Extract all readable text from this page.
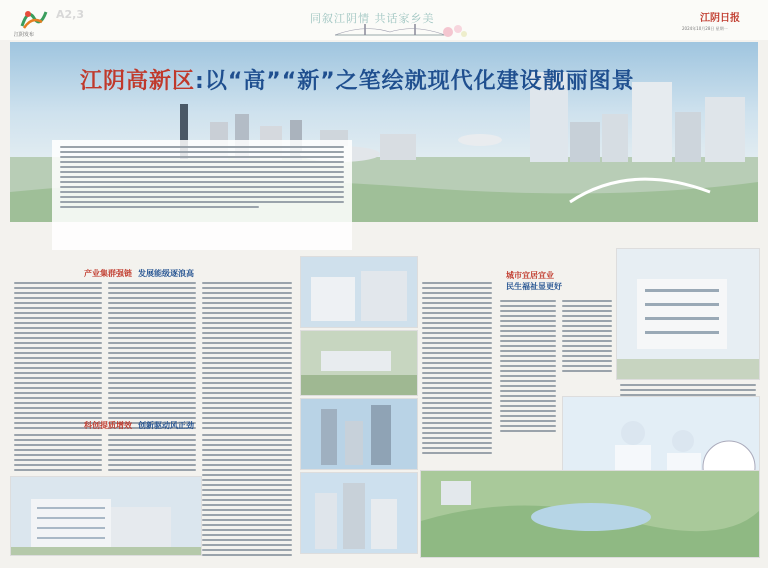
江阴发布
A2,3	同叙江阴情 共话家乡美	江阴日报
2024年10月28日 星期一
江阴高新区:以“高”“新”之笔绘就现代化建设靓丽图景
产业集群强链 发展能级逐浪高
科创提质增效 创新驱动风正劲
城市宜居宜业
民生福祉显更好
